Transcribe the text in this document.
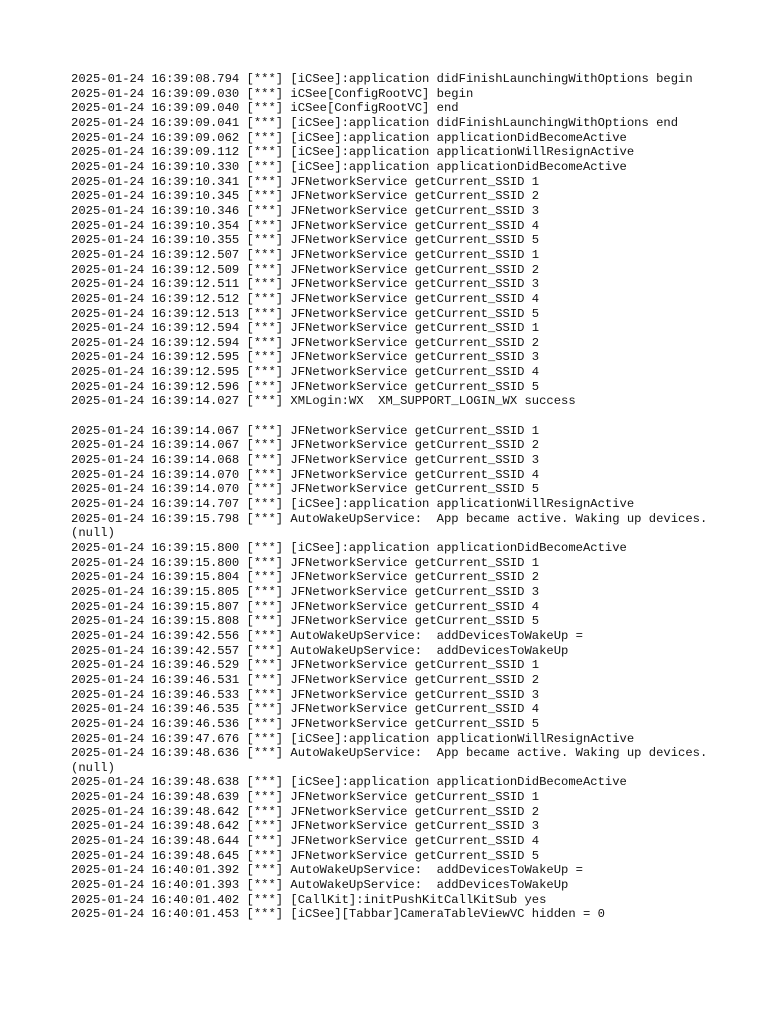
2025-01-24 16:39:08.794 [***] [iCSee]:application didFinishLaunchingWithOptions begin
2025-01-24 16:39:09.030 [***] iCSee[ConfigRootVC] begin
2025-01-24 16:39:09.040 [***] iCSee[ConfigRootVC] end
2025-01-24 16:39:09.041 [***] [iCSee]:application didFinishLaunchingWithOptions end
2025-01-24 16:39:09.062 [***] [iCSee]:application applicationDidBecomeActive
2025-01-24 16:39:09.112 [***] [iCSee]:application applicationWillResignActive
2025-01-24 16:39:10.330 [***] [iCSee]:application applicationDidBecomeActive
2025-01-24 16:39:10.341 [***] JFNetworkService getCurrent_SSID 1
2025-01-24 16:39:10.345 [***] JFNetworkService getCurrent_SSID 2
2025-01-24 16:39:10.346 [***] JFNetworkService getCurrent_SSID 3
2025-01-24 16:39:10.354 [***] JFNetworkService getCurrent_SSID 4
2025-01-24 16:39:10.355 [***] JFNetworkService getCurrent_SSID 5
2025-01-24 16:39:12.507 [***] JFNetworkService getCurrent_SSID 1
2025-01-24 16:39:12.509 [***] JFNetworkService getCurrent_SSID 2
2025-01-24 16:39:12.511 [***] JFNetworkService getCurrent_SSID 3
2025-01-24 16:39:12.512 [***] JFNetworkService getCurrent_SSID 4
2025-01-24 16:39:12.513 [***] JFNetworkService getCurrent_SSID 5
2025-01-24 16:39:12.594 [***] JFNetworkService getCurrent_SSID 1
2025-01-24 16:39:12.594 [***] JFNetworkService getCurrent_SSID 2
2025-01-24 16:39:12.595 [***] JFNetworkService getCurrent_SSID 3
2025-01-24 16:39:12.595 [***] JFNetworkService getCurrent_SSID 4
2025-01-24 16:39:12.596 [***] JFNetworkService getCurrent_SSID 5
2025-01-24 16:39:14.027 [***] XMLogin:WX  XM_SUPPORT_LOGIN_WX success
2025-01-24 16:39:14.067 [***] JFNetworkService getCurrent_SSID 1
2025-01-24 16:39:14.067 [***] JFNetworkService getCurrent_SSID 2
2025-01-24 16:39:14.068 [***] JFNetworkService getCurrent_SSID 3
2025-01-24 16:39:14.070 [***] JFNetworkService getCurrent_SSID 4
2025-01-24 16:39:14.070 [***] JFNetworkService getCurrent_SSID 5
2025-01-24 16:39:14.707 [***] [iCSee]:application applicationWillResignActive
2025-01-24 16:39:15.798 [***] AutoWakeUpService:  App became active. Waking up devices. (null)
2025-01-24 16:39:15.800 [***] [iCSee]:application applicationDidBecomeActive
2025-01-24 16:39:15.800 [***] JFNetworkService getCurrent_SSID 1
2025-01-24 16:39:15.804 [***] JFNetworkService getCurrent_SSID 2
2025-01-24 16:39:15.805 [***] JFNetworkService getCurrent_SSID 3
2025-01-24 16:39:15.807 [***] JFNetworkService getCurrent_SSID 4
2025-01-24 16:39:15.808 [***] JFNetworkService getCurrent_SSID 5
2025-01-24 16:39:42.556 [***] AutoWakeUpService:  addDevicesToWakeUp =
2025-01-24 16:39:42.557 [***] AutoWakeUpService:  addDevicesToWakeUp
2025-01-24 16:39:46.529 [***] JFNetworkService getCurrent_SSID 1
2025-01-24 16:39:46.531 [***] JFNetworkService getCurrent_SSID 2
2025-01-24 16:39:46.533 [***] JFNetworkService getCurrent_SSID 3
2025-01-24 16:39:46.535 [***] JFNetworkService getCurrent_SSID 4
2025-01-24 16:39:46.536 [***] JFNetworkService getCurrent_SSID 5
2025-01-24 16:39:47.676 [***] [iCSee]:application applicationWillResignActive
2025-01-24 16:39:48.636 [***] AutoWakeUpService:  App became active. Waking up devices. (null)
2025-01-24 16:39:48.638 [***] [iCSee]:application applicationDidBecomeActive
2025-01-24 16:39:48.639 [***] JFNetworkService getCurrent_SSID 1
2025-01-24 16:39:48.642 [***] JFNetworkService getCurrent_SSID 2
2025-01-24 16:39:48.642 [***] JFNetworkService getCurrent_SSID 3
2025-01-24 16:39:48.644 [***] JFNetworkService getCurrent_SSID 4
2025-01-24 16:39:48.645 [***] JFNetworkService getCurrent_SSID 5
2025-01-24 16:40:01.392 [***] AutoWakeUpService:  addDevicesToWakeUp =
2025-01-24 16:40:01.393 [***] AutoWakeUpService:  addDevicesToWakeUp
2025-01-24 16:40:01.402 [***] [CallKit]:initPushKitCallKitSub yes
2025-01-24 16:40:01.453 [***] [iCSee][Tabbar]CameraTableViewVC hidden = 0
